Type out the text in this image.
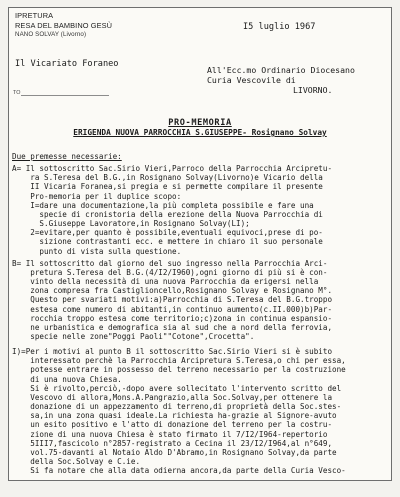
IPRETURA
RESA DEL BAMBINO GESÙ
NANO SOLVAY (Livorno)
I5 luglio 1967
Il Vicariato Foraneo
TO
All'Ecc.mo Ordinario Diocesano
Curia Vescovile di
LIVORNO.
PRO-MEMORIA
ERIGENDA NUOVA PARROCCHIA S.GIUSEPPE- Rosignano Solvay
Due premesse necessarie:
A= Il sottoscritto Sac.Sirio Vieri,Parroco della Parrocchia Arcipretu-
ra S.Teresa del B.G.,in Rosignano Solvay(Livorno)e Vicario della
II Vicaria Foranea,si pregia e si permette compilare il presente
Pro-memoria per il duplice scopo:
I=dare una documentazione,la più completa possibile e fare una
specie di cronistoria della erezione della Nuova Parrocchia di
S.Giuseppe Lavoratore,in Rosignano Solvay(LI);
2=evitare,per quanto è possibile,eventuali equivoci,prese di po-
sizione contrastanti ecc. e mettere in chiaro il suo personale
punto di vista sulla questione.
B= Il sottoscritto dal giorno del suo ingresso nella Parrocchia Arci-
pretura S.Teresa del B.G.(4/I2/I960),ogni giorno di più si è con-
vinto della necessità di una nuova Parrocchia da erigersi nella
zona compresa fra Castiglioncello,Rosignano Solvay e Rosignano M°.
Questo per svariati motivi:a)Parrocchia di S.Teresa del B.G.troppo
estesa come numero di abitanti,in continuo aumento(c.II.000)b)Par-
rocchia troppo estesa come territorio;c)zona in continua espansio-
ne urbanistica e demografica sia al sud che a nord della ferrovia,
specie nelle zone"Poggi Paoli""Cotone",Crocetta".
I)=Per i motivi al punto B il sottoscritto Sac.Sirio Vieri si è subito
interessato perchè la Parrocchia Arcipretura S.Teresa,o chi per essa,
potesse entrare in possesso del terreno necessario per la costruzione
di una nuova Chiesa.
Si è rivolto,perciò,-dopo avere sollecitato l'intervento scritto del
Vescovo di allora,Mons.A.Pangrazio,alla Soc.Solvay,per ottenere la
donazione di un appezzamento di terreno,di proprietà della Soc.stes-
sa,in una zona quasi ideale.La richiesta ha-grazie al Signore-avuto
un esito positivo e l'atto di donazione del terreno per la costru-
zione di una nuova Chiesa è stato firmato il 7/I2/I964-repertorio
5III7,fascicolo n°2857-registrato a Cecina il 23/I2/I964,al n°649,
vol.75-davanti al Notaio Aldo D'Abramo,in Rosignano Solvay,da parte
della Soc.Solvay e C.ie.
Si fa notare che alla data odierna ancora,da parte della Curia Vesco-
